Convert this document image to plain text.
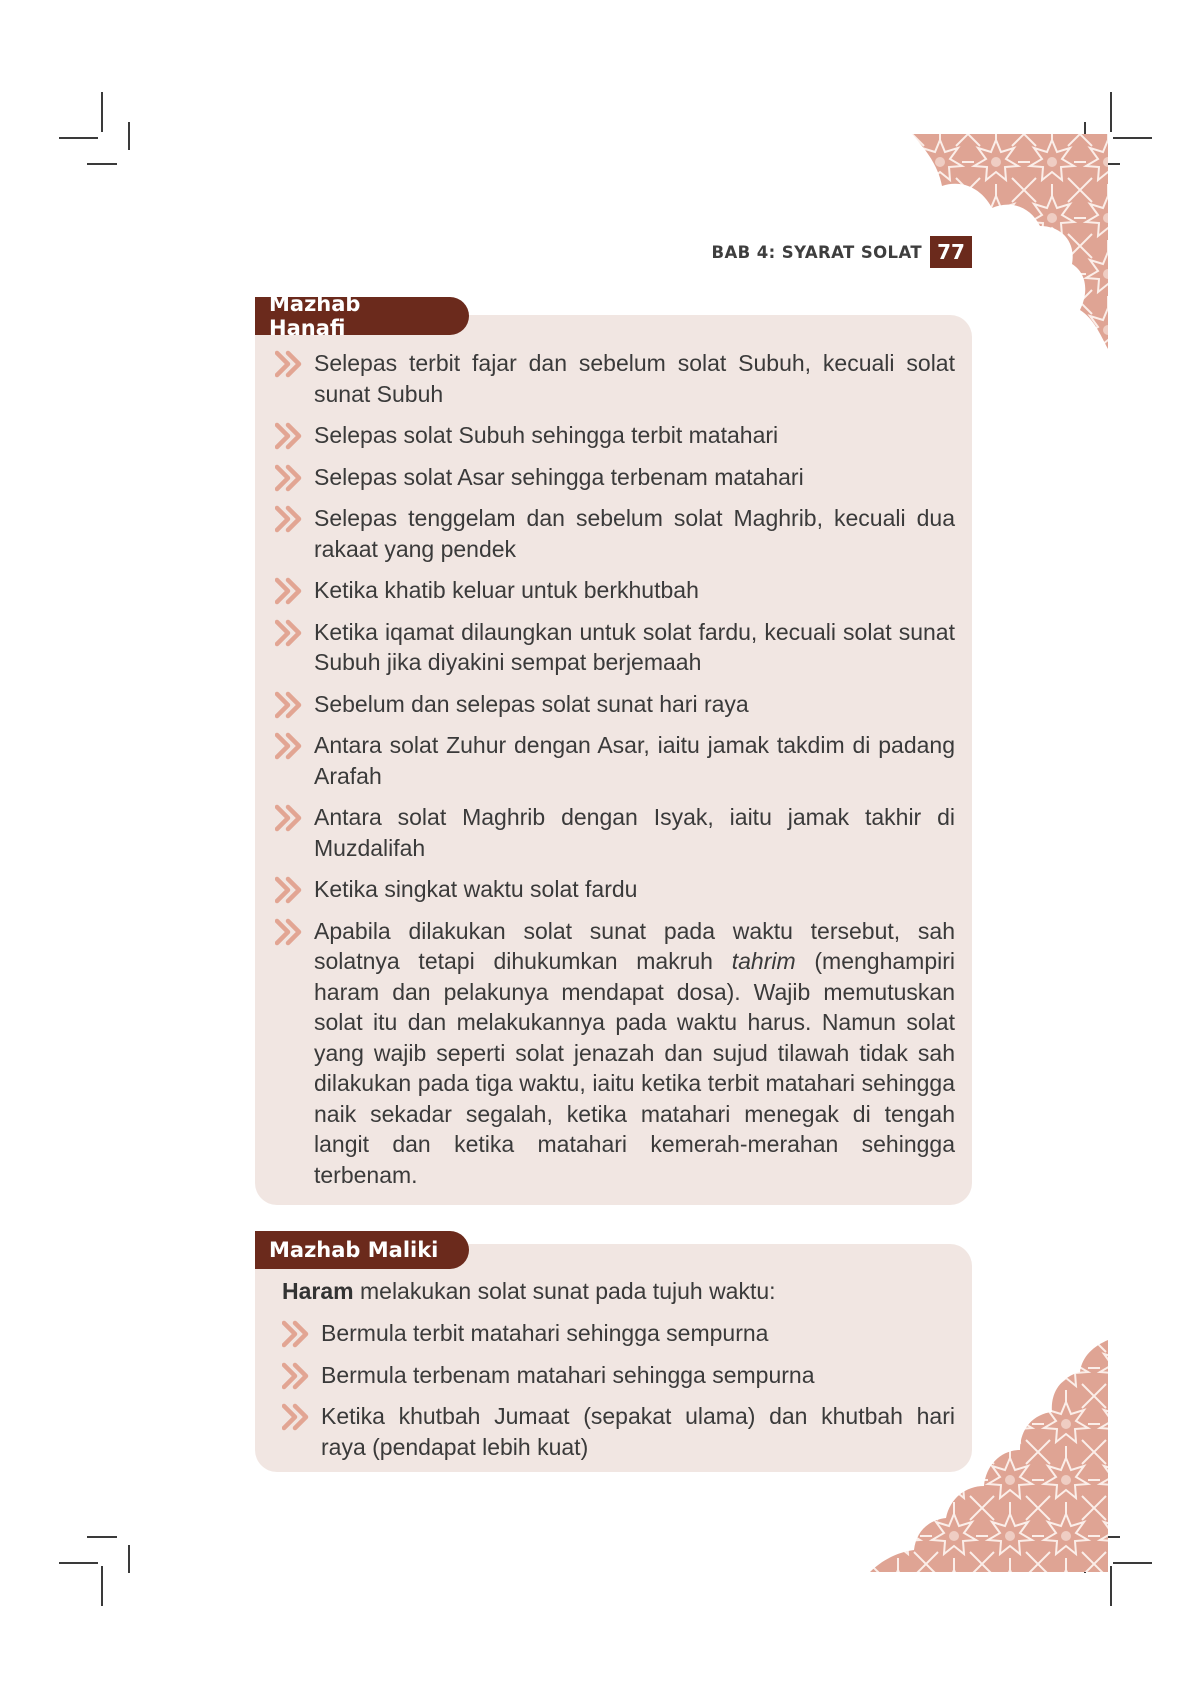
BAB 4: SYARAT SOLAT 77
Mazhab Hanafi
Selepas terbit fajar dan sebelum solat Subuh, kecuali solat sunat Subuh
Selepas solat Subuh sehingga terbit matahari
Selepas solat Asar sehingga terbenam matahari
Selepas tenggelam dan sebelum solat Maghrib, kecuali dua rakaat yang pendek
Ketika khatib keluar untuk berkhutbah
Ketika iqamat dilaungkan untuk solat fardu, kecuali solat sunat Subuh jika diyakini sempat berjemaah
Sebelum dan selepas solat sunat hari raya
Antara solat Zuhur dengan Asar, iaitu jamak takdim di padang Arafah
Antara solat Maghrib dengan Isyak, iaitu jamak takhir di Muzdalifah
Ketika singkat waktu solat fardu
Apabila dilakukan solat sunat pada waktu tersebut, sah solatnya tetapi dihukumkan makruh tahrim (menghampiri haram dan pelakunya mendapat dosa). Wajib memutuskan solat itu dan melakukannya pada waktu harus. Namun solat yang wajib seperti solat jenazah dan sujud tilawah tidak sah dilakukan pada tiga waktu, iaitu ketika terbit matahari sehingga naik sekadar segalah, ketika matahari menegak di tengah langit dan ketika matahari kemerah-merahan sehingga terbenam.
Mazhab Maliki
Haram melakukan solat sunat pada tujuh waktu:
Bermula terbit matahari sehingga sempurna
Bermula terbenam matahari sehingga sempurna
Ketika khutbah Jumaat (sepakat ulama) dan khutbah hari raya (pendapat lebih kuat)
